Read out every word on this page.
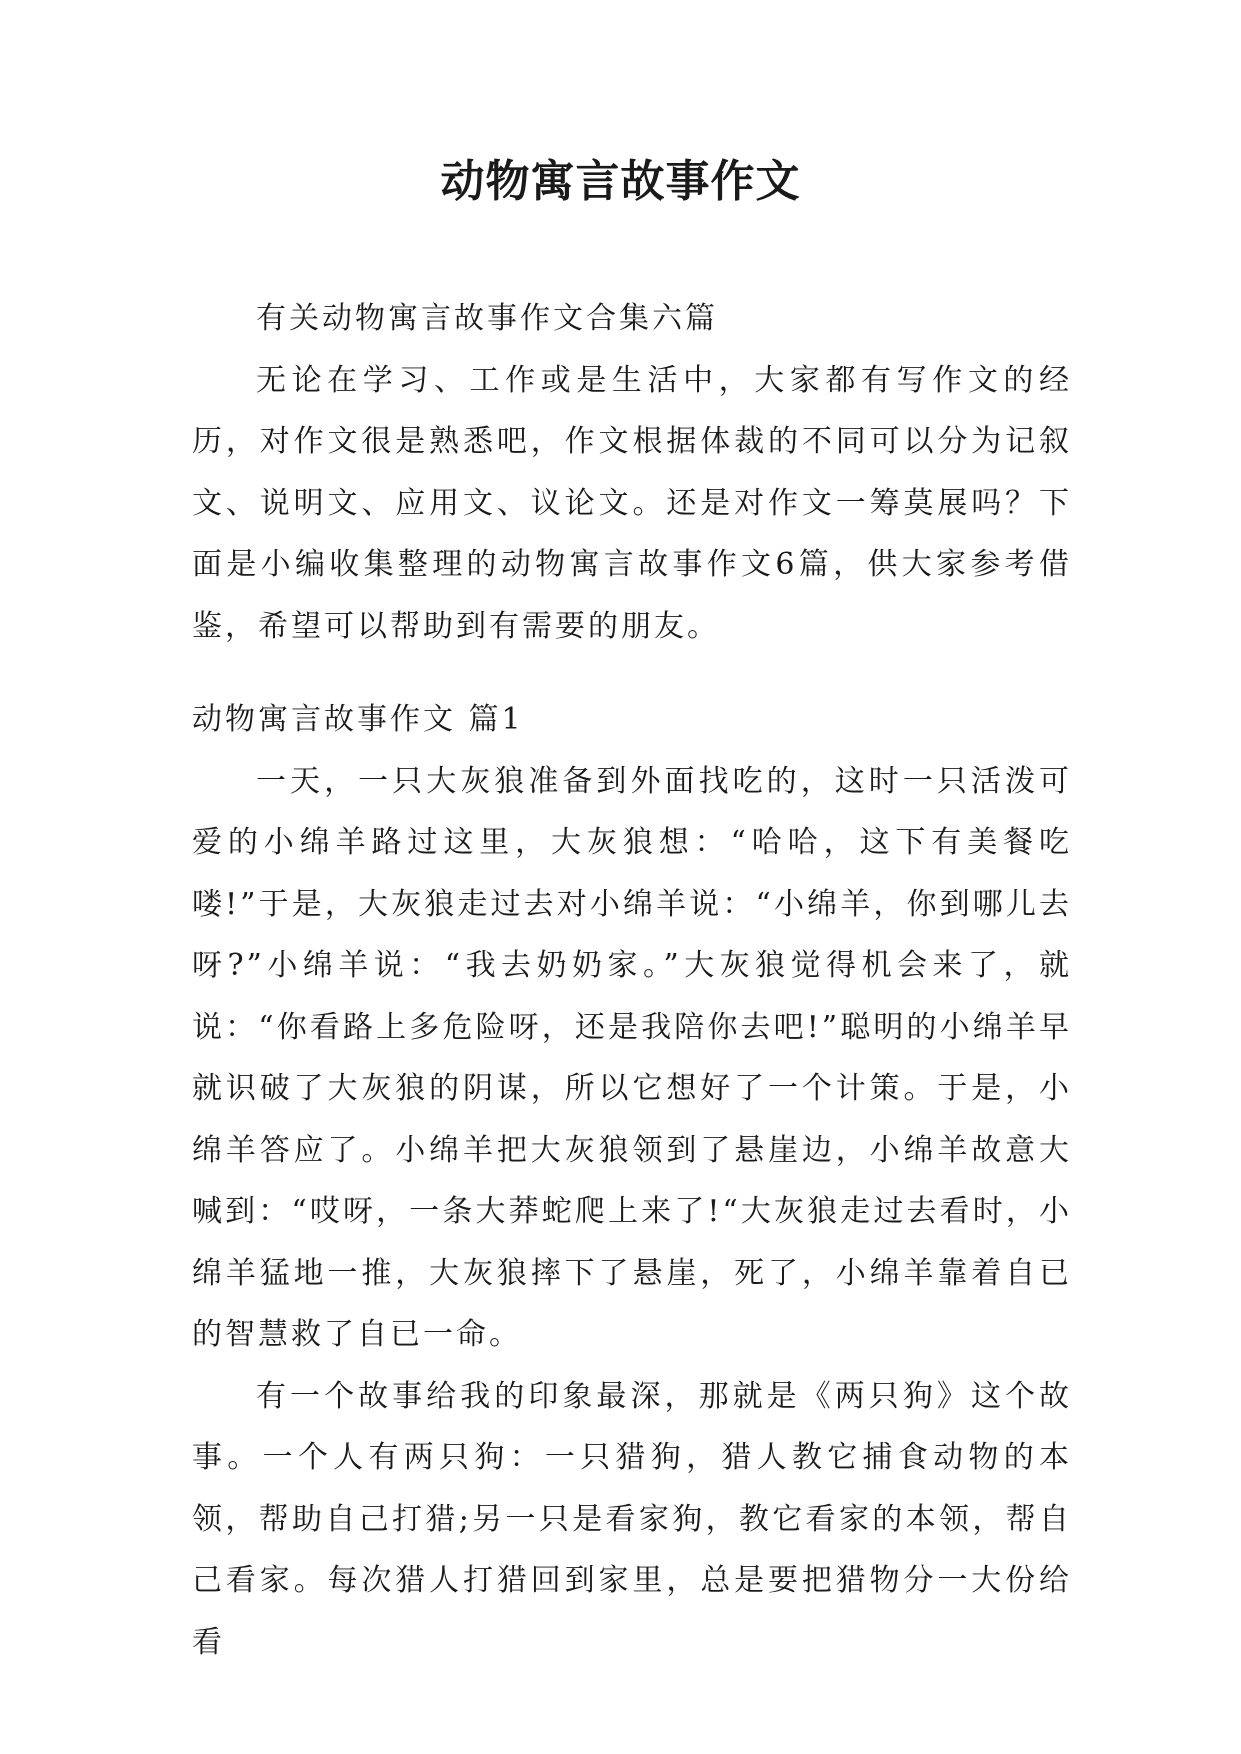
动物寓言故事作文

有关动物寓言故事作文合集六篇

无论在学习、工作或是生活中，大家都有写作文的经历，对作文很是熟悉吧，作文根据体裁的不同可以分为记叙文、说明文、应用文、议论文。还是对作文一筹莫展吗？下面是小编收集整理的动物寓言故事作文6篇，供大家参考借鉴，希望可以帮助到有需要的朋友。

动物寓言故事作文 篇1

一天，一只大灰狼准备到外面找吃的，这时一只活泼可爱的小绵羊路过这里，大灰狼想：“哈哈，这下有美餐吃喽!”于是，大灰狼走过去对小绵羊说：“小绵羊，你到哪儿去呀?”小绵羊说：“我去奶奶家。”大灰狼觉得机会来了，就说：“你看路上多危险呀，还是我陪你去吧!”聪明的小绵羊早就识破了大灰狼的阴谋，所以它想好了一个计策。于是，小绵羊答应了。小绵羊把大灰狼领到了悬崖边，小绵羊故意大喊到：“哎呀，一条大莽蛇爬上来了!“大灰狼走过去看时，小绵羊猛地一推，大灰狼摔下了悬崖，死了，小绵羊靠着自已的智慧救了自已一命。

有一个故事给我的印象最深，那就是《两只狗》这个故事。一个人有两只狗：一只猎狗，猎人教它捕食动物的本领，帮助自己打猎;另一只是看家狗，教它看家的本领，帮自己看家。每次猎人打猎回到家里，总是要把猎物分一大份给看
